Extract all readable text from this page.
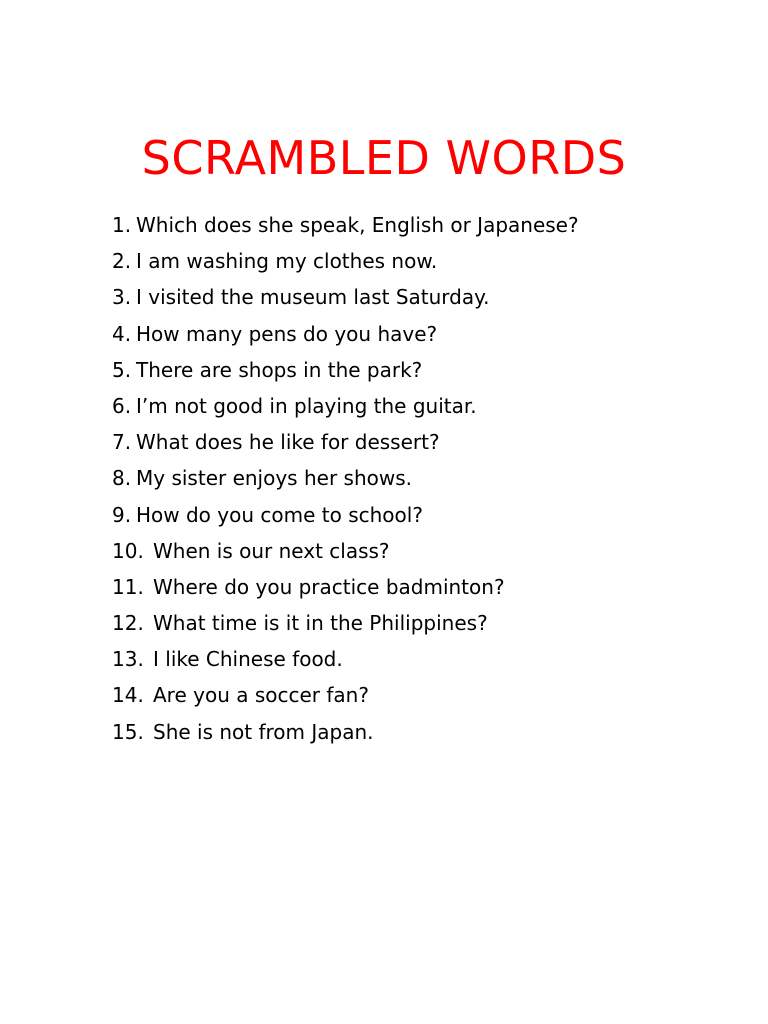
SCRAMBLED WORDS
1. Which does she speak, English or Japanese?
2. I am washing my clothes now.
3. I visited the museum last Saturday.
4. How many pens do you have?
5. There are shops in the park?
6. I’m not good in playing the guitar.
7. What does he like for dessert?
8. My sister enjoys her shows.
9. How do you come to school?
10. When is our next class?
11. Where do you practice badminton?
12. What time is it in the Philippines?
13. I like Chinese food.
14. Are you a soccer fan?
15. She is not from Japan.
